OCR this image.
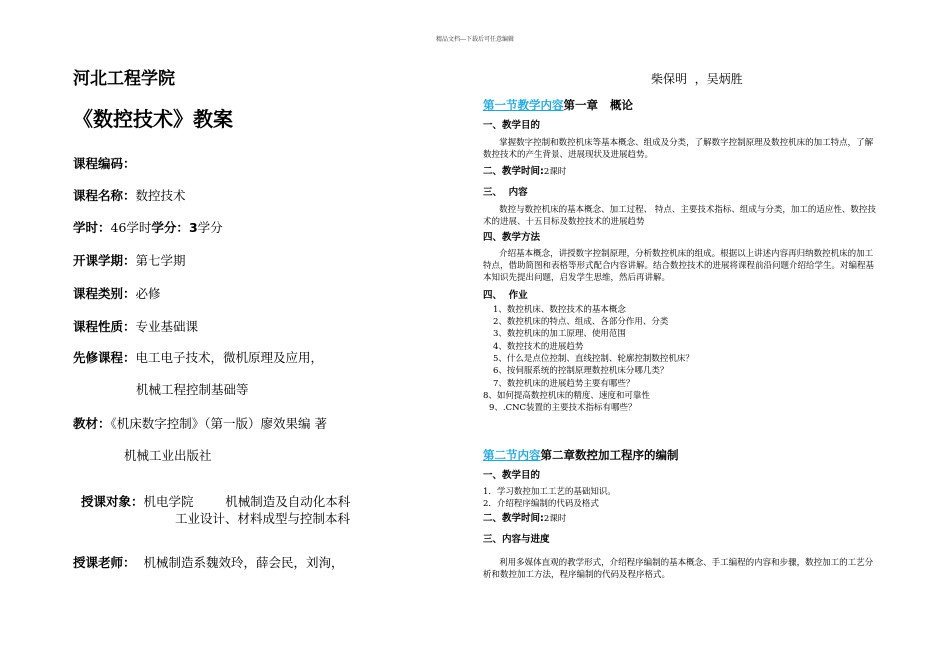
精品文档---下载后可任意编辑
河北工程学院
《数控技术》教案
课程编码：
课程名称：数控技术
学时：46学时学分：3学分
开课学期：第七学期
课程类别：必修
课程性质：专业基础课
先修课程：电工电子技术，微机原理及应用，
机械工程控制基础等
教材：《机床数字控制》（第一版）廖效果编 著
机械工业出版社

授课对象：机电学院        机械制造及自动化本科

工业设计、材料成型与控制本科
授课老师： 机械制造系魏效玲，薛会民，刘洵，
柴保明  ，吴炳胜
第一节教学内容第一章   概论
一、教学目的

掌握数字控制和数控机床等基本概念、组成及分类，了解数字控制原理及数控机床的加工特点，了解数控技术的产生背景、进展现状及进展趋势。

二、教学时间:2课时
三、  内容

数控与数控机床的基本概念、加工过程、 特点、主要技术指标、组成与分类，加工的适应性、数控技术的进展、十五目标及数控技术的进展趋势

四、教学方法

介绍基本概念，讲授数字控制原理，分析数控机床的组成。根据以上讲述内容再归纳数控机床的加工特点，借助简图和表格等形式配合内容讲解。结合数控技术的进展将课程前沿问题介绍给学生。对编程基本知识先提出问题，启发学生思维，然后再讲解。

四、  作业
1、数控机床、数控技术的基本概念
2、数控机床的特点、组成、各部分作用、分类
3、数控机床的加工原理、使用范围
4、数控技术的进展趋势
5、什么是点位控制、直线控制、轮廓控制数控机床？
6、按伺服系统的控制原理数控机床分哪几类？
7、数控机床的进展趋势主要有哪些？
8、如何提高数控机床的精度、速度和可靠性
9、.CNC装置的主要技术指标有哪些？
第二节内容第二章数控加工程序的编制
一、教学目的
1．学习数控加工工艺的基础知识。
2．介绍程序编制的代码及格式
二、教学时间:2课时
三、内容与进度

利用多媒体直观的教学形式，介绍程序编制的基本概念、手工编程的内容和步骤，数控加工的工艺分析和数控加工方法，程序编制的代码及程序格式。
